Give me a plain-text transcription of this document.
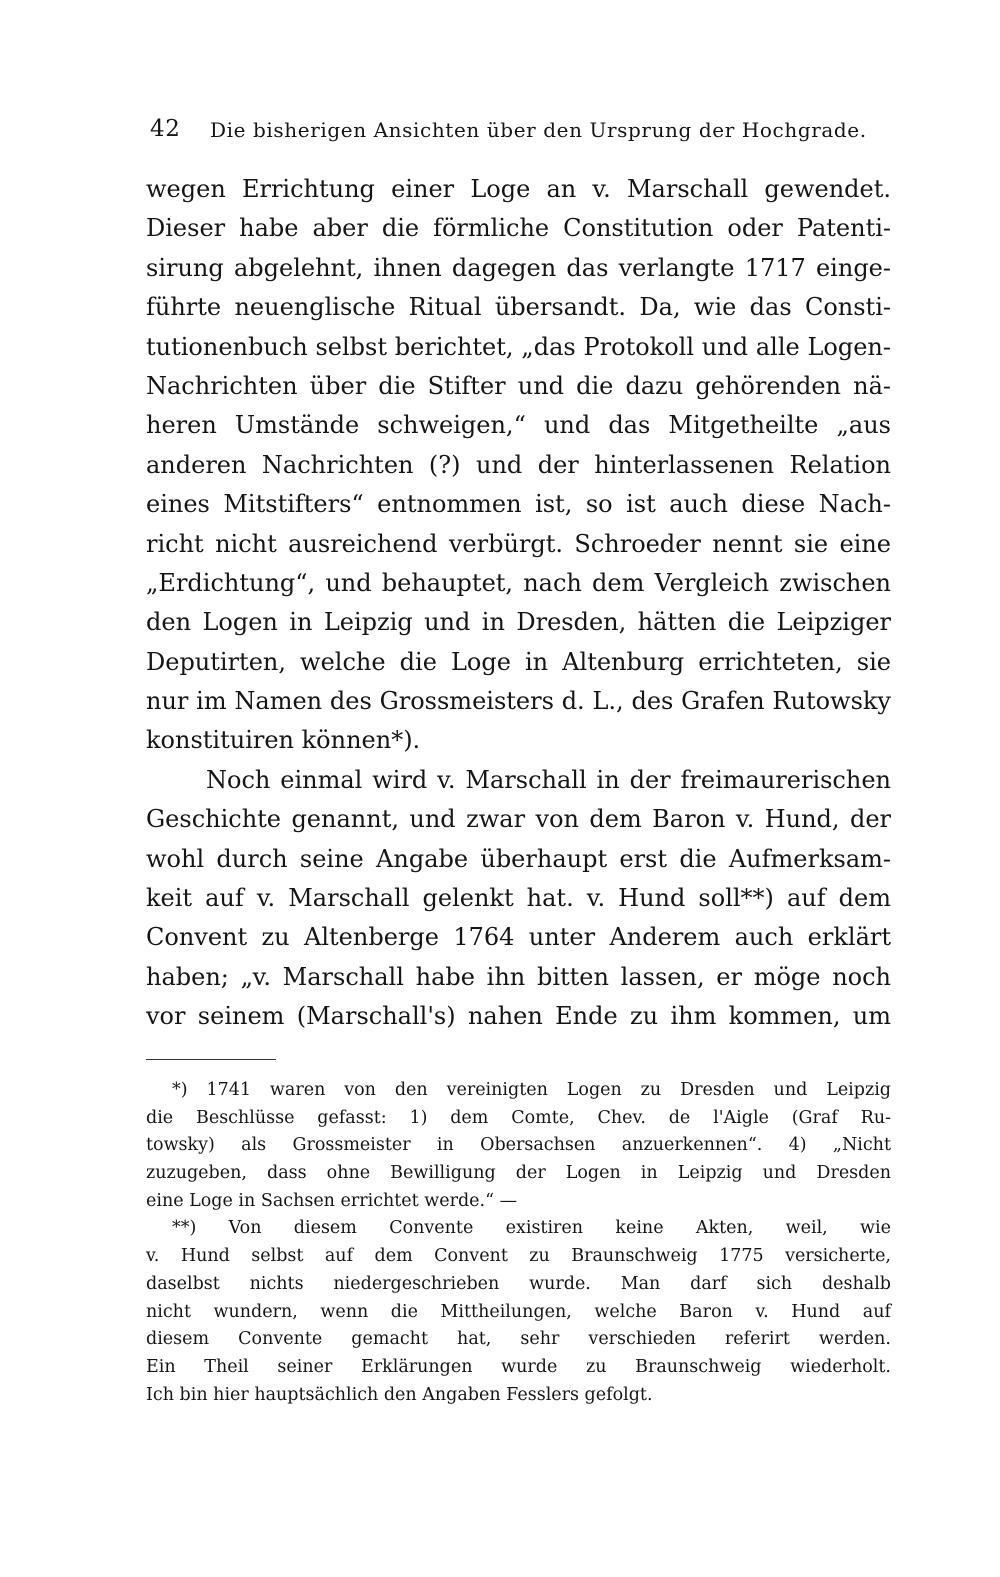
42 Die bisherigen Ansichten über den Ursprung der Hochgrade.
wegen Errichtung einer Loge an v. Marschall gewendet.
Dieser habe aber die förmliche Constitution oder Patenti-
sirung abgelehnt, ihnen dagegen das verlangte 1717 einge-
führte neuenglische Ritual übersandt. Da, wie das Consti-
tutionenbuch selbst berichtet, „das Protokoll und alle Logen-
Nachrichten über die Stifter und die dazu gehörenden nä-
heren Umstände schweigen,“ und das Mitgetheilte „aus
anderen Nachrichten (?) und der hinterlassenen Relation
eines Mitstifters“ entnommen ist, so ist auch diese Nach-
richt nicht ausreichend verbürgt. Schroeder nennt sie eine
„Erdichtung“, und behauptet, nach dem Vergleich zwischen
den Logen in Leipzig und in Dresden, hätten die Leipziger
Deputirten, welche die Loge in Altenburg errichteten, sie
nur im Namen des Grossmeisters d. L., des Grafen Rutowsky
konstituiren können*).
Noch einmal wird v. Marschall in der freimaurerischen
Geschichte genannt, und zwar von dem Baron v. Hund, der
wohl durch seine Angabe überhaupt erst die Aufmerksam-
keit auf v. Marschall gelenkt hat. v. Hund soll**) auf dem
Convent zu Altenberge 1764 unter Anderem auch erklärt
haben; „v. Marschall habe ihn bitten lassen, er möge noch
vor seinem (Marschall's) nahen Ende zu ihm kommen, um
*) 1741 waren von den vereinigten Logen zu Dresden und Leipzig
die Beschlüsse gefasst: 1) dem Comte, Chev. de l'Aigle (Graf Ru-
towsky) als Grossmeister in Obersachsen anzuerkennen“. 4) „Nicht
zuzugeben, dass ohne Bewilligung der Logen in Leipzig und Dresden
eine Loge in Sachsen errichtet werde.“ —
**) Von diesem Convente existiren keine Akten, weil, wie
v. Hund selbst auf dem Convent zu Braunschweig 1775 versicherte,
daselbst nichts niedergeschrieben wurde. Man darf sich deshalb
nicht wundern, wenn die Mittheilungen, welche Baron v. Hund auf
diesem Convente gemacht hat, sehr verschieden referirt werden.
Ein Theil seiner Erklärungen wurde zu Braunschweig wiederholt.
Ich bin hier hauptsächlich den Angaben Fesslers gefolgt.
